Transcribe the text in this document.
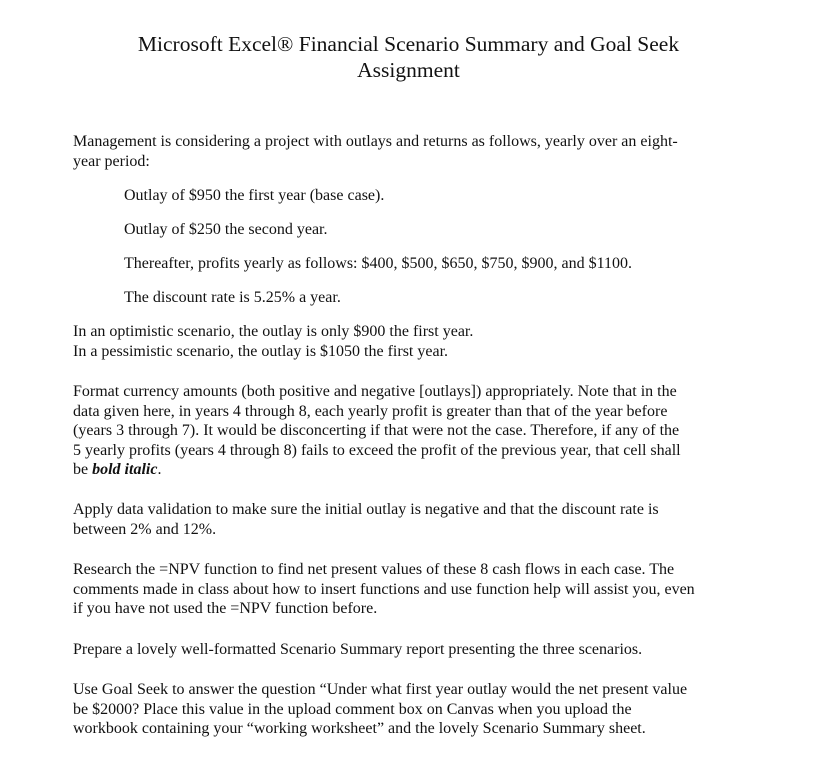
Microsoft Excel® Financial Scenario Summary and Goal Seek
Assignment

Management is considering a project with outlays and returns as follows, yearly over an eight-
year period:

Outlay of $950 the first year (base case).

Outlay of $250 the second year.

Thereafter, profits yearly as follows: $400, $500, $650, $750, $900, and $1100.

The discount rate is 5.25% a year.

In an optimistic scenario, the outlay is only $900 the first year.
In a pessimistic scenario, the outlay is $1050 the first year.

Format currency amounts (both positive and negative [outlays]) appropriately. Note that in the
data given here, in years 4 through 8, each yearly profit is greater than that of the year before
(years 3 through 7). It would be disconcerting if that were not the case. Therefore, if any of the
5 yearly profits (years 4 through 8) fails to exceed the profit of the previous year, that cell shall
be bold italic.

Apply data validation to make sure the initial outlay is negative and that the discount rate is
between 2% and 12%.

Research the =NPV function to find net present values of these 8 cash flows in each case. The
comments made in class about how to insert functions and use function help will assist you, even
if you have not used the =NPV function before.

Prepare a lovely well-formatted Scenario Summary report presenting the three scenarios.

Use Goal Seek to answer the question “Under what first year outlay would the net present value
be $2000? Place this value in the upload comment box on Canvas when you upload the
workbook containing your “working worksheet” and the lovely Scenario Summary sheet.
